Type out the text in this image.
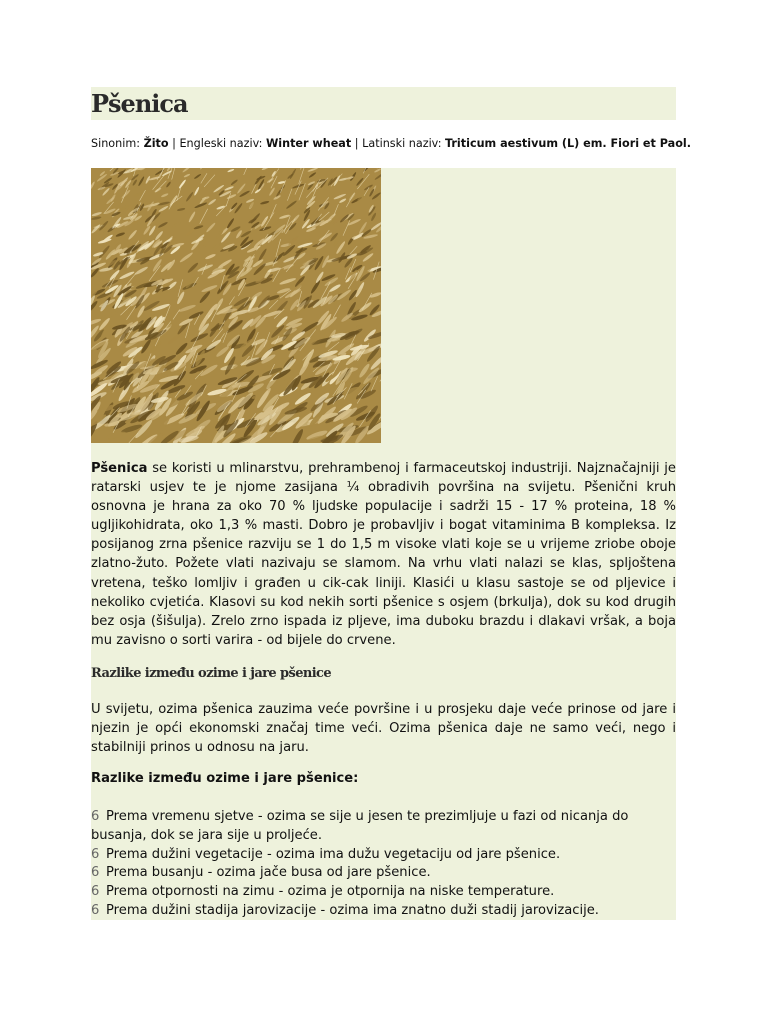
Pšenica
Sinonim: Žito | Engleski naziv: Winter wheat | Latinski naziv: Triticum aestivum (L) em. Fiori et Paol.
Pšenica se koristi u mlinarstvu, prehrambenoj i farmaceutskoj industriji. Najznačajniji je ratarski usjev te je njome zasijana ¼ obradivih površina na svijetu. Pšenični kruh osnovna je hrana za oko 70 % ljudske populacije i sadrži 15 - 17 % proteina, 18 % ugljikohidrata, oko 1,3 % masti. Dobro je probavljiv i bogat vitaminima B kompleksa. Iz posijanog zrna pšenice razviju se 1 do 1,5 m visoke vlati koje se u vrijeme zriobe oboje zlatno-žuto. Požete vlati nazivaju se slamom. Na vrhu vlati nalazi se klas, spljoštena vretena, teško lomljiv i građen u cik-cak liniji. Klasići u klasu sastoje se od pljevice i nekoliko cvjetića. Klasovi su kod nekih sorti pšenice s osjem (brkulja), dok su kod drugih bez osja (šišulja). Zrelo zrno ispada iz pljeve, ima duboku brazdu i dlakavi vršak, a boja mu zavisno o sorti varira - od bijele do crvene.
Razlike između ozime i jare pšenice
U svijetu, ozima pšenica zauzima veće površine i u prosjeku daje veće prinose od jare i njezin je opći ekonomski značaj time veći. Ozima pšenica daje ne samo veći, nego i stabilniji prinos u odnosu na jaru.
Razlike između ozime i jare pšenice:
6 Prema vremenu sjetve - ozima se sije u jesen te prezimljuje u fazi od nicanja do busanja, dok se jara sije u proljeće.
6 Prema dužini vegetacije - ozima ima dužu vegetaciju od jare pšenice.
6 Prema busanju - ozima jače busa od jare pšenice.
6 Prema otpornosti na zimu - ozima je otpornija na niske temperature.
6 Prema dužini stadija jarovizacije - ozima ima znatno duži stadij jarovizacije.
